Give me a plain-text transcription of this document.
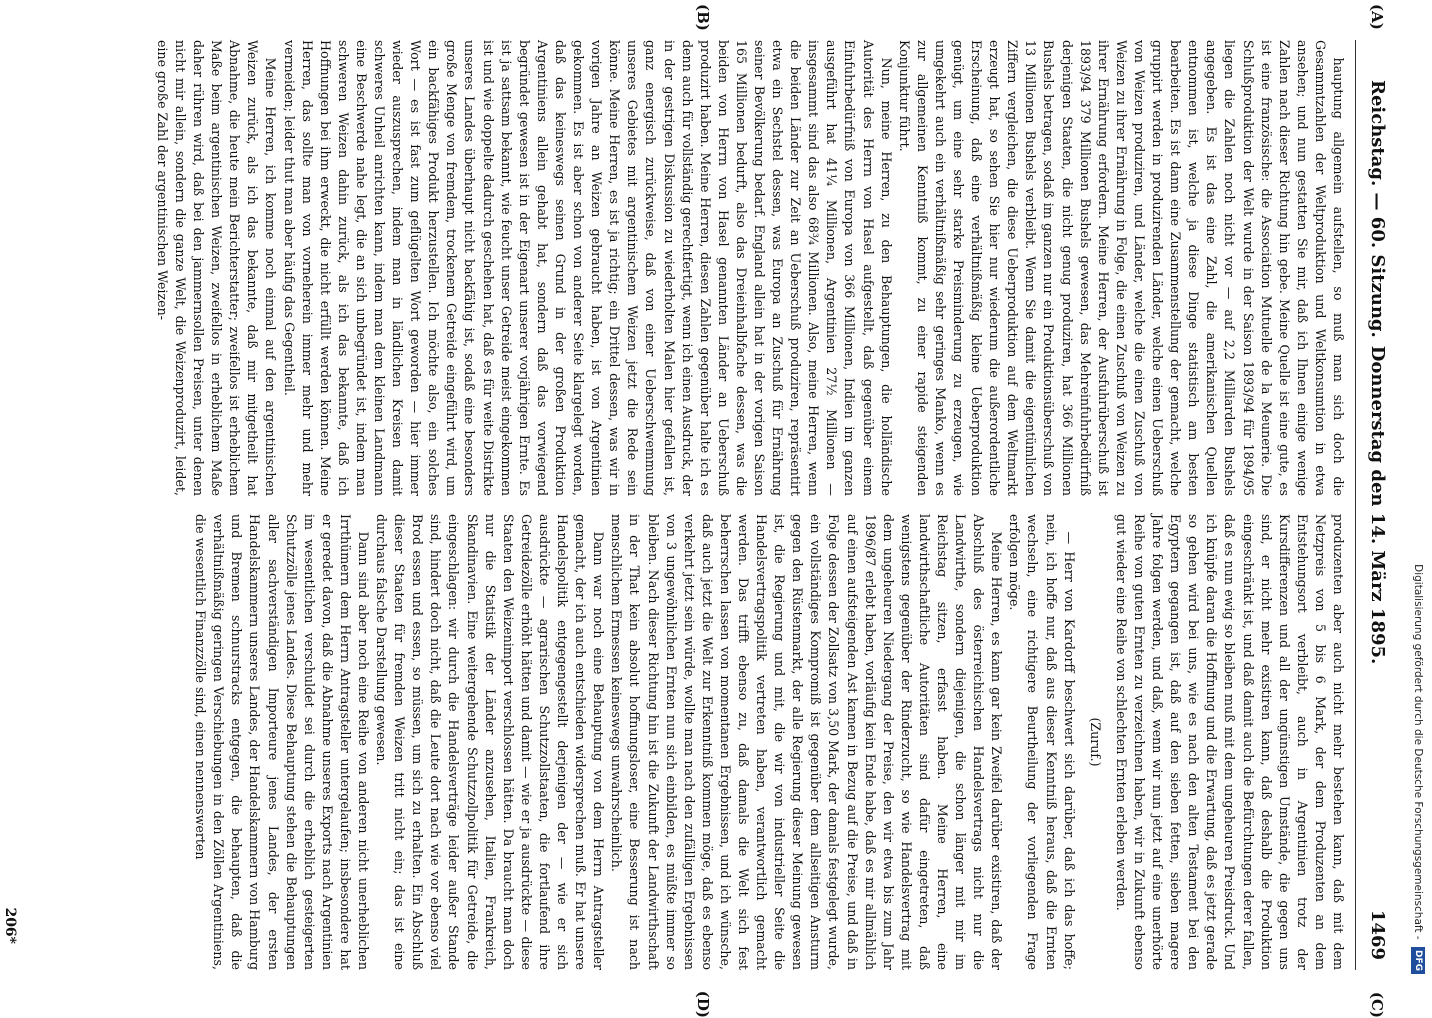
Reichstag. — 60. Sitzung.
Donnerstag den 14. März 1895.
1469

hauptung allgemein aufstellen, so muß man sich doch die Gesammtzahlen der Weltproduktion und Weltkonsumtion in etwa ansehen; und nun gestatten Sie mir, daß ich Ihnen einige wenige Zahlen nach dieser Richtung hin gebe. Meine Quelle ist eine gute, es ist eine französische: die Association Mutuelle de la Meunerie. Die Schlußproduktion der Welt wurde in der Saison 1893/94 für 1894/95 liegen die Zahlen noch nicht vor — auf 2,2 Milliarden Bushels angegeben. Es ist das eine Zahl, die amerikanischen Quellen entnommen ist, welche ja diese Dinge statistisch am besten bearbeiten. Es ist dann eine Zusammenstellung der gemacht, welche gruppirt werden in produzirenden Länder, welche einen Ueberschuß von Weizen produziren, und Länder, welche die einen Zuschuß von Weizen zu ihrer Ernährung in Folge, die einen Zuschuß von Weizen zu ihrer Ernährung erfordern. Meine Herren, der Ausfuhrüberschuß ist 1893/94 379 Millionen Bushels gewesen, das Mehreinfuhrbedürfniß derjenigen Staaten, die nicht genug produziren, hat 366 Millionen Bushels betragen, sodaß im ganzen nur ein Produktionsüberschuß von 13 Millionen Bushels verbleibt. Wenn Sie damit die eigentümlichen Ziffern vergleichen, die diese Ueberproduktion auf dem Weltmarkt erzeugt hat, so sehen Sie hier nur wiederum die außerordentliche Erscheinung, daß eine verhältnißmäßig kleine Ueberproduktion genügt, um eine sehr starke Preisminderung zu erzeugen, wie umgekehrt auch ein verhältnißmäßig sehr geringes Manko, wenn es zur allgemeinen Kenntniß kommt, zu einer rapide steigenden Konjunktur führt.

Nun, meine Herren, zu den Behauptungen, die holländische Autorität des Herrn von Hasel aufgestellt, daß gegenüber einem Einfuhrbedürfniß von Europa von 366 Millionen, Indien im ganzen ausgeführt hat 41¼ Millionen, Argentinien 27½ Millionen — insgesammt sind das also 68¾ Millionen. Also, meine Herren, wenn die beiden Länder zur Zeit an Ueberschuß produziren, repräsentirt etwa ein Sechstel dessen, was Europa an Zuschuß für Ernährung seiner Bevölkerung bedarf. England allein hat in der vorigen Saison 165 Millionen bedurft, also das Dreieinhalbfache dessen, was die beiden von Herrn von Hasel genannten Länder an Ueberschuß produzirt haben. Meine Herren, diesen Zahlen gegenüber halte ich es denn auch für vollständig gerechtfertigt, wenn ich einen Ausdruck, der in der gestrigen Diskussion zu wiederholten Malen hier gefallen ist, ganz energisch zurückweise, daß von einer Ueberschwemmung unseres Gebietes mit argentinischem Weizen jetzt die Rede sein könne. Meine Herren, es ist ja richtig; ein Drittel dessen, was wir in vorigen Jahre an Weizen gebraucht haben, ist von Argentinien gekommen. Es ist aber schon von anderer Seite klargelegt worden, daß das keineswegs seinen Grund in der großen Produktion Argentiniens allein gehabt hat, sondern daß das vorwiegend begründet gewesen ist in der Eigenart unserer vorjährigen Ernte. Es ist ja sattsam bekannt, wie feucht unser Getreide meist eingekommen ist und wie doppelte dadurch geschehen hat, daß es für weite Distrikte unseres Landes überhaupt nicht backfähig ist, sodaß eine besonders große Menge von fremdem, trockenem Getreide eingeführt wird, um ein backfähiges Produkt herzustellen. Ich möchte also, ein solches Wort — es ist fast zum geflügelten Wort geworden — hier immer wieder auszusprechen, indem man in ländlichen Kreisen damit schweres Unheil anrichten kann, indem man dem kleinen Landmann eine Beschwerde nahe legt, die an sich unbegründet ist, indem man schweren Weizen dahin zurück, als ich das bekannte, daß ich Hoffnungen bei ihm erweckt, die nicht erfüllt werden können. Meine Herren, das sollte man von vorneherein immer mehr und mehr vermeiden; leider thut man aber häufig das Gegentheil.

Meine Herren, ich komme noch einmal auf den argentinischen Weizen zurück, als ich das bekannte, daß mir mitgetheilt hat Abnahme, die heute mein Berichterstatter; zweifellos ist erheblichem Maße beim argentinischen Weizen, zweifellos in erheblichem Maße daher rühren wird, daß bei den jammernsollen Preisen, unter denen nicht mir allein, sondern die ganze Welt, die Weizenproduzirt, leidet, eine große Zahl der argentinischen Weizen-

produzenten aber auch nicht mehr bestehen kann, daß mit dem Netzpreis von 5 bis 6 Mark, der dem Produzenten an dem Entstehungsort verbleibt, auch in Argentinien trotz der Kursdifferenzen und all der ungünstigen Umstände, die gegen uns sind, er nicht mehr existiren kann, daß deshalb die Produktion eingeschränkt ist, und daß damit auch die Befürchtungen derer fallen, daß es nun ewig so bleiben muß mit dem ungeheuren Preisdruck. Und ich knüpfe daran die Hoffnung und die Erwartung, daß es jetzt gerade so gehen wird bei uns, wie es nach den alten Testament bei den Egyptern gegangen ist, daß auf den sieben fetten, sieben magere Jahre folgen werden, und daß, wenn wir nun jetzt auf eine unerhörte Reihe von guten Ernten zu verzeichnen haben, wir in Zukunft ebenso gut wieder eine Reihe von schlechten Ernten erleben werden.

(Zuruf.)

— Herr von Kardorff beschwert sich darüber, daß ich das hoffe; nein, ich hoffe nur, daß aus dieser Kenntniß heraus, daß die Ernten wechseln, eine richtigere Beurtheilung der vorliegenden Frage erfolgen möge.

Meine Herren, es kann gar kein Zweifel darüber existiren, daß der Abschluß des österreichischen Handelsvertrags nicht nur die Landwirthe, sondern diejenigen, die schon länger mit mir im Reichstag sitzen, erfasst haben. Meine Herren, eine landwirthschaftliche Autoritäten sind dafür eingetreten, daß wenigstens gegenüber der Rinderzucht, so wie Handelsvertrag mit dem ungeheuren Niedergang der Preise, den wir etwa bis zum Jahr 1896/87 erlebt haben, vorläufig kein Ende habe, daß es mir allmählich auf einen aufsteigenden Ast kamen in Bezug auf die Preise, und daß in Folge dessen der Zollsatz von 3,50 Mark, der damals festgelegt wurde, ein vollständiges Kompromiß ist gegenüber dem allseitigen Ansturm gegen den Rüstenmarkt, der alle Regierung dieser Meinung gewesen ist, die Regierung und mit, die wir von industrieller Seite die Handelsvertragspolitik vertreten haben, verantwortlich gemacht werden. Das trifft ebenso zu, daß damals die Welt sich fest beherrschen lassen von momentanen Ergebnissen, und ich wünsche, daß auch jetzt die Welt zur Erkenntniß kommen möge, daß es ebenso verkehrt jetzt sein würde, wollte man nach den zufälligen Ergebnissen von 3 ungewöhnlichen Ernten nun sich einbilden, es müßte immer so bleiben. Nach dieser Richtung hin ist die Zukunft der Landwirthschaft in der That kein absolut hoffnungsloser, eine Besserung ist nach menschlichem Ermessen keineswegs unwahrscheinlich.

Dann war noch eine Behauptung von dem Herrn Antragsteller gemacht, der ich auch entschieden widersprechen muß. Er hat unsere Handelspolitik entgegengestellt derjenigen der — wie er sich ausdrückte — agrarischen Schutzzollstaaten, die fortlaufend ihre Getreidezölle erhöht hätten und damit — wie er ja ausdrückte — diese Staaten den Weizenimport verschlossen hätten. Da braucht man doch nur die Statistik der Länder anzusehen, Italien, Frankreich, Skandinavien. Eine weitergehende Schutzzollpolitik für Getreide, die eingeschlagen: wir durch die Handelsverträge leider außer Stande sind, hindert doch nicht, daß die Leute dort nach wie vor ebenso viel Brod essen und essen, so müssen, um sich zu erhalten. Ein Abschluß dieser Staaten für fremden Weizen tritt nicht ein; das ist eine durchaus falsche Darstellung gewesen.

Dann sind aber noch eine Reihe von anderen nicht unerheblichen Irrthümern dem Herrn Antragsteller untergelaufen; insbesondere hat er geredet davon, daß die Abnahme unseres Exports nach Argentinien im wesentlichen verschuldet sei durch die erheblich gesteigerten Schutzzölle jenes Landes. Diese Behauptung stehen die Behauptungen aller sachverständigen Importeure jenes Landes, der ersten Handelskammern unseres Landes, der Handelskammern von Hamburg und Bremen schnurstracks entgegen, die behaupten, daß die verhältnißmäßig geringen Verschiebungen in den Zöllen Argentiniens, die wesentlich Finanzzölle sind, einen nennenswerten

(A)
(B)
(C)
(D)
206*	Digitalisierung gefördert durch die Deutsche Forschungsgemeinschaft - DFG
